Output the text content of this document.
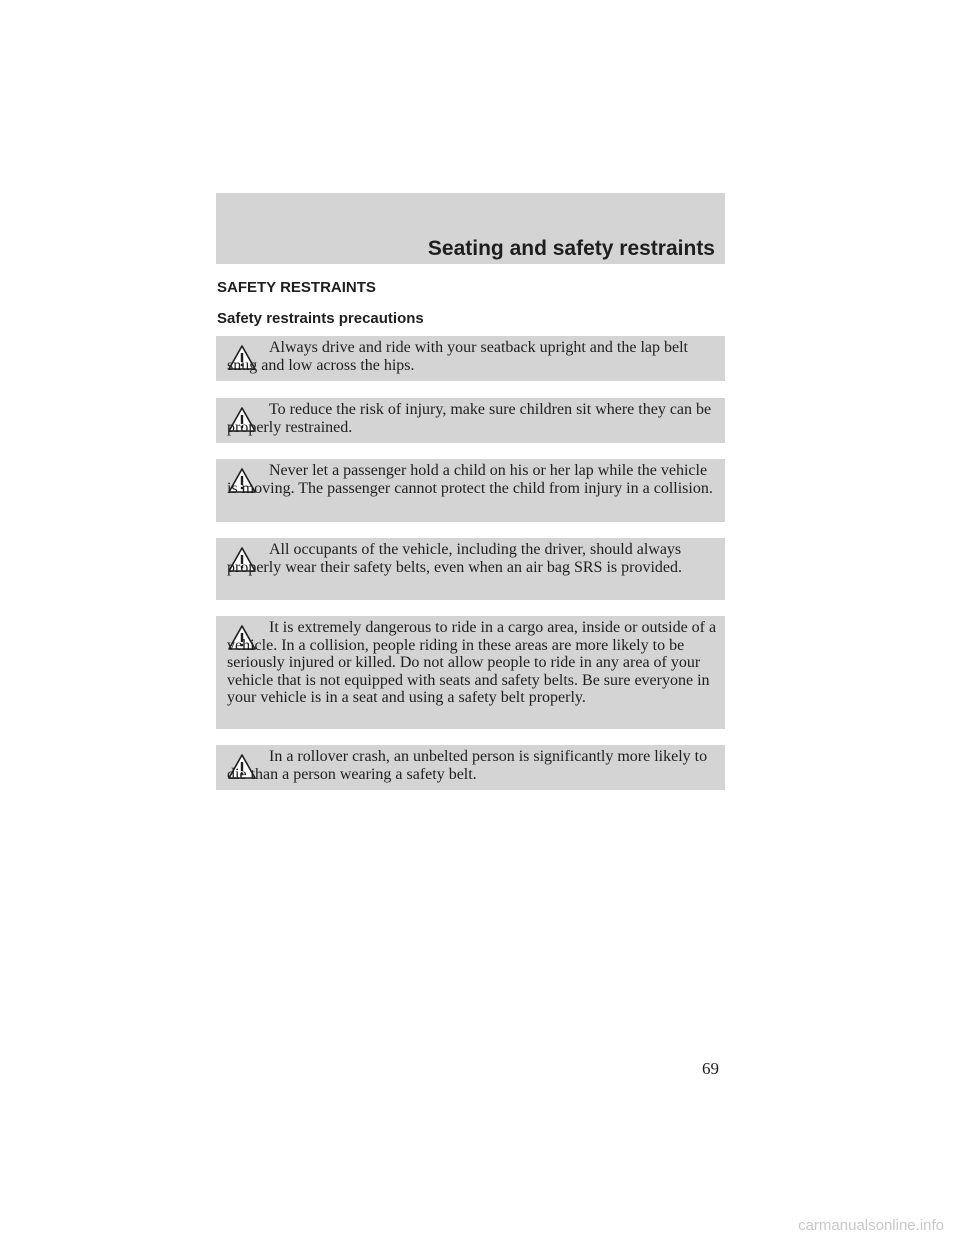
Seating and safety restraints
SAFETY RESTRAINTS
Safety restraints precautions
Always drive and ride with your seatback upright and the lap belt snug and low across the hips.
To reduce the risk of injury, make sure children sit where they can be properly restrained.
Never let a passenger hold a child on his or her lap while the vehicle is moving. The passenger cannot protect the child from injury in a collision.
All occupants of the vehicle, including the driver, should always properly wear their safety belts, even when an air bag SRS is provided.
It is extremely dangerous to ride in a cargo area, inside or outside of a vehicle. In a collision, people riding in these areas are more likely to be seriously injured or killed. Do not allow people to ride in any area of your vehicle that is not equipped with seats and safety belts. Be sure everyone in your vehicle is in a seat and using a safety belt properly.
In a rollover crash, an unbelted person is significantly more likely to die than a person wearing a safety belt.
69
carmanualsonline.info
